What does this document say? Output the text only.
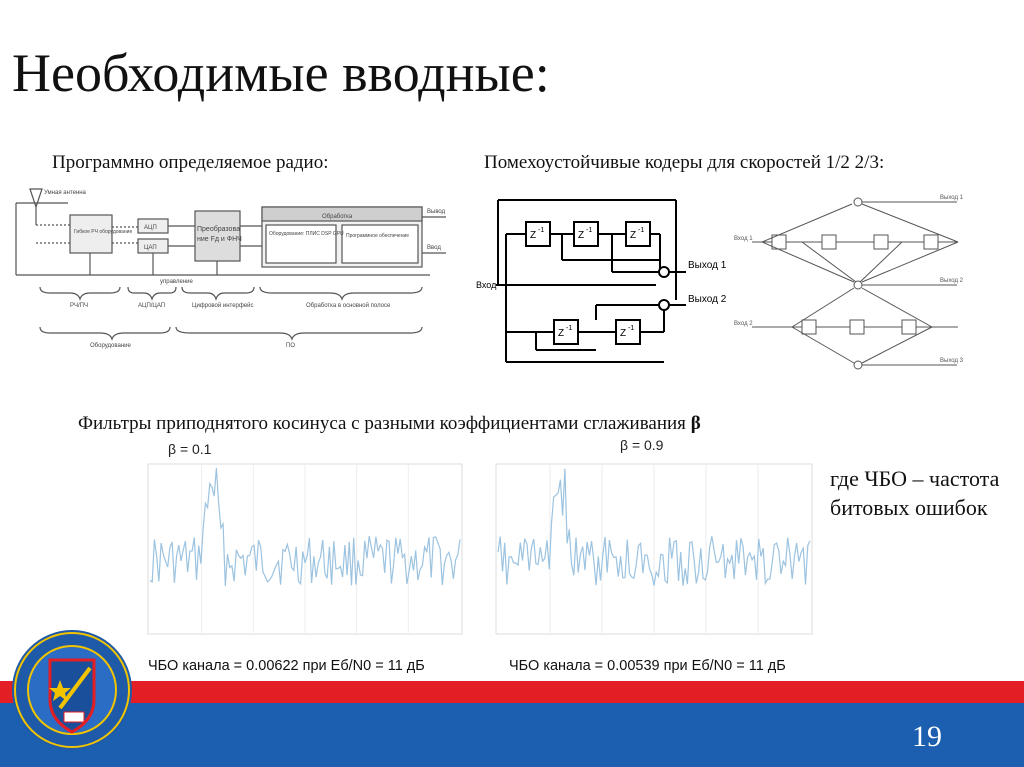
Необходимые вводные:
Программно определяемое радио:	Помехоустойчивые кодеры для скоростей 1/2 2/3:
Умная антенна
Гибкое РЧ оборудование
АЦП
ЦАП
Преобразова
ние Fд и ФНЧ
Обработка
Оборудование: ПЛИС DSP GPU Программное обеспечение
Вывод
Ввод
управление
РЧ/ПЧ	АЦП/ЦАП	Цифровой интерфейс	Обработка в основной полосе
Оборудование	ПО
Вход
Выход 1
Выход 2
Z -1	Z -1	Z -1
Z -1	Z -1
Вход 1
Вход 2
Выход 1
Выход 2
Выход 3
Фильтры приподнятого косинуса с разными коэффициентами сглаживания β
β = 0.1	β = 0.9
ЧБО канала = 0.00622 при Еб/N0 = 11 дБ	ЧБО канала = 0.00539 при Еб/N0 = 11 дБ
где ЧБО – частота битовых ошибок
19
